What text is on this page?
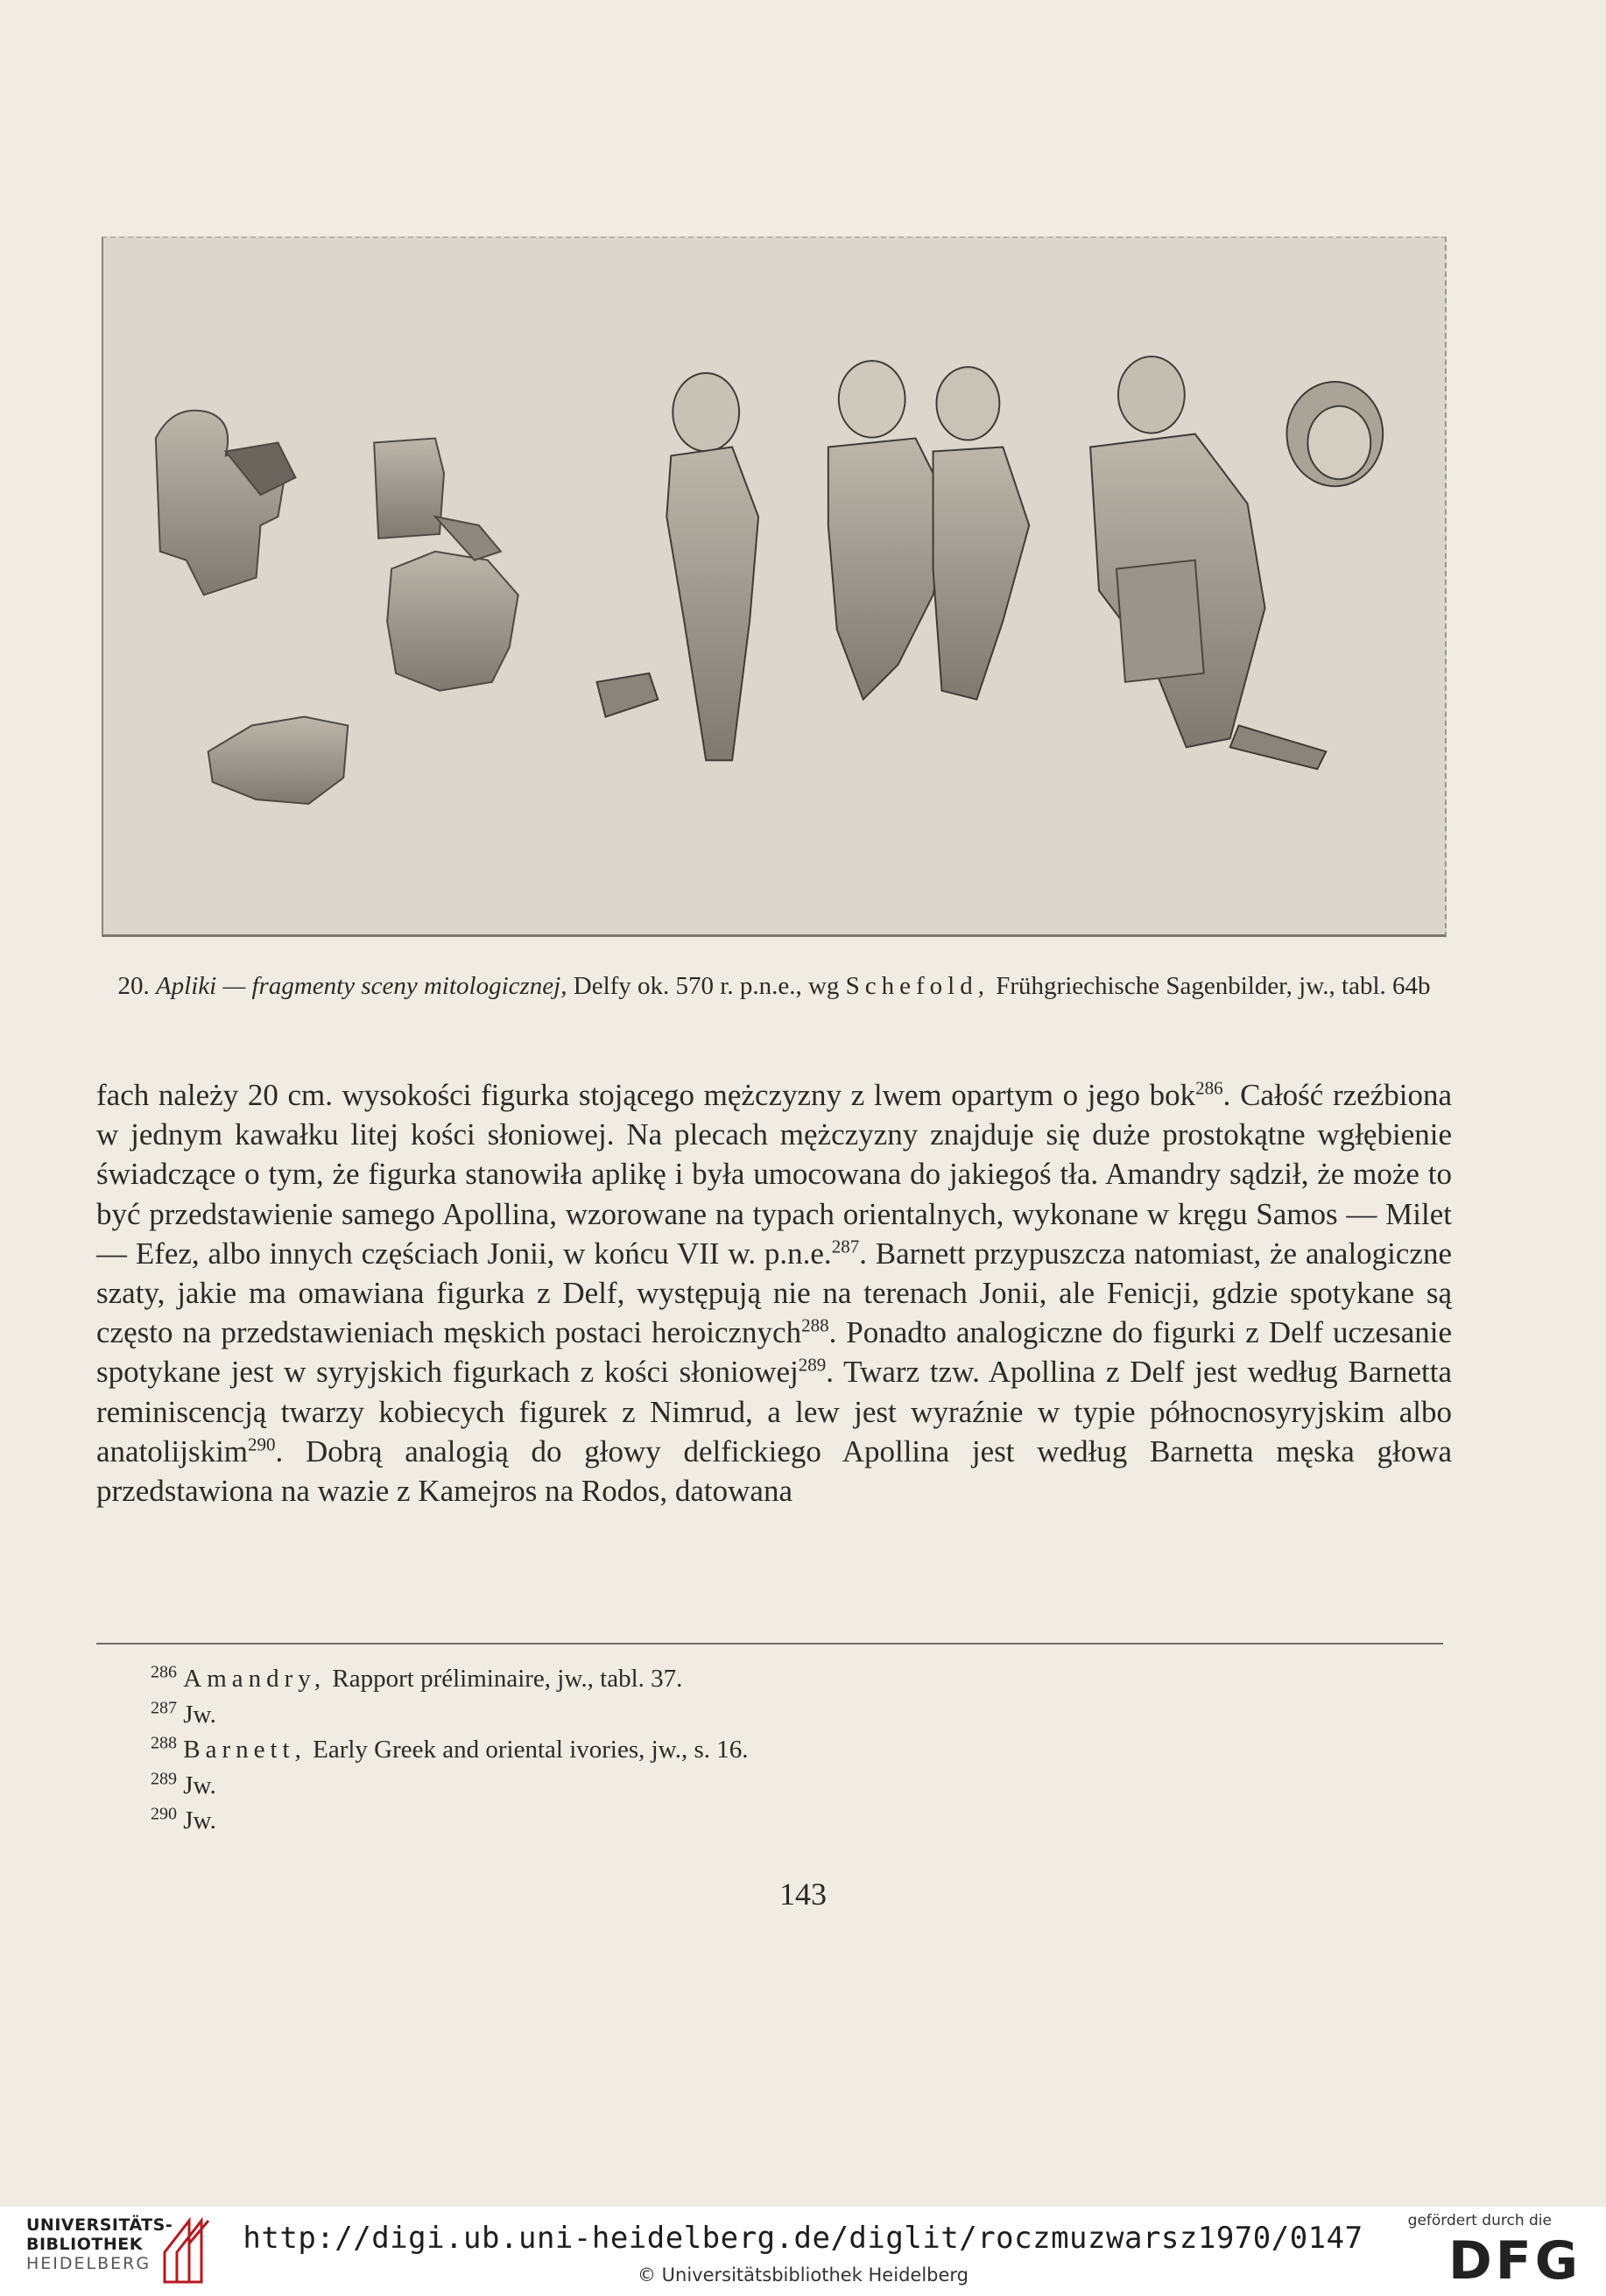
20. Apliki — fragmenty sceny mitologicznej, Delfy ok. 570 r. p.n.e., wg Schefold, Frühgriechische Sagenbilder, jw., tabl. 64b

fach należy 20 cm. wysokości figurka stojącego mężczyzny z lwem opartym o jego bok$^{286}$. Całość rzeźbiona w jednym kawałku litej kości słoniowej. Na plecach mężczyzny znajduje się duże prostokątne wgłębienie świadczące o tym, że figurka stanowiła aplikę i była umocowana do jakiegoś tła. Amandry sądził, że może to być przedstawienie samego Apollina, wzorowane na typach orientalnych, wykonane w kręgu Samos — Milet — Efez, albo innych częściach Jonii, w końcu VII w. p.n.e.$^{287}$. Barnett przypuszcza natomiast, że analogiczne szaty, jakie ma omawiana figurka z Delf, występują nie na terenach Jonii, ale Fenicji, gdzie spotykane są często na przedstawieniach męskich postaci heroicznych$^{288}$. Ponadto analogiczne do figurki z Delf uczesanie spotykane jest w syryjskich figurkach z kości słoniowej$^{289}$. Twarz tzw. Apollina z Delf jest według Barnetta reminiscencją twarzy kobiecych figurek z Nimrud, a lew jest wyraźnie w typie północnosyryjskim albo anatolijskim$^{290}$. Dobrą analogią do głowy delfickiego Apollina jest według Barnetta męska głowa przedstawiona na wazie z Kamejros na Rodos, datowana

$^{286}$ Amandry, Rapport préliminaire, jw., tabl. 37.
$^{287}$ Jw.
$^{288}$ Barnett, Early Greek and oriental ivories, jw., s. 16.
$^{289}$ Jw.
$^{290}$ Jw.
143
UNIVERSITÄTS-
BIBLIOTHEK
HEIDELBERG
http://digi.ub.uni-heidelberg.de/diglit/roczmuzwarsz1970/0147
© Universitätsbibliothek Heidelberg
gefördert durch die
DFG
